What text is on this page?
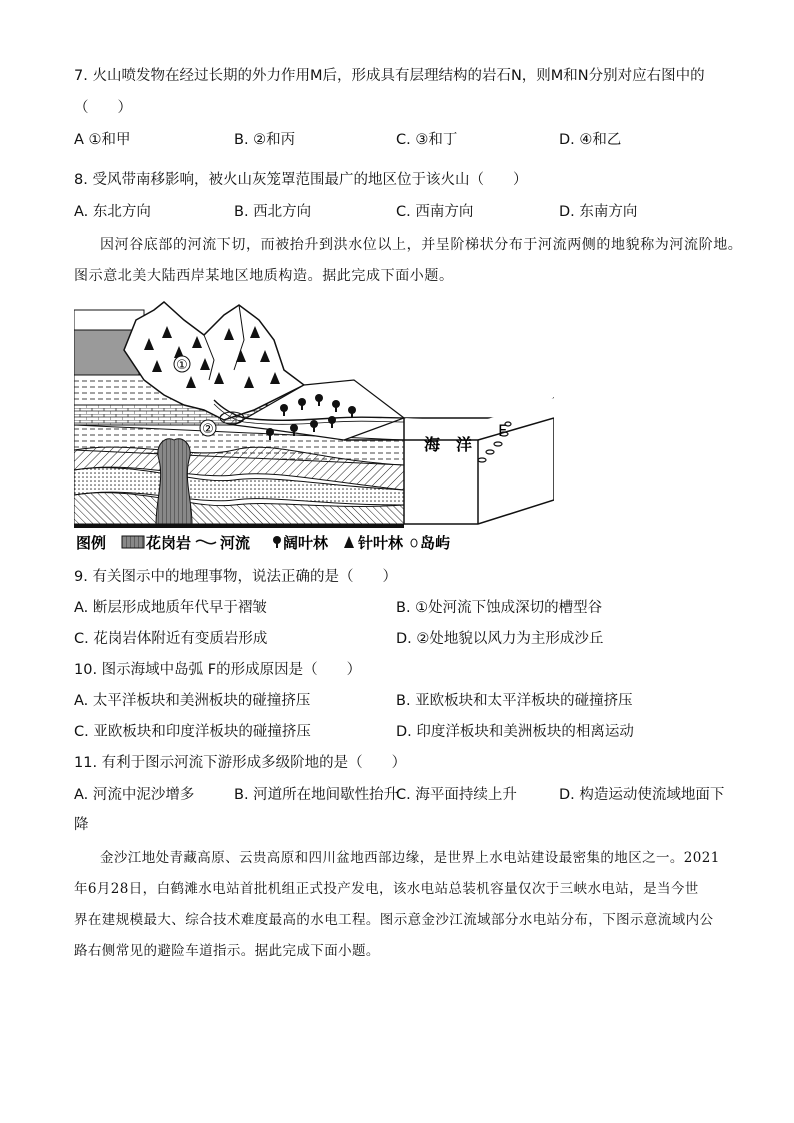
7. 火山喷发物在经过长期的外力作用M后，形成具有层理结构的岩石N，则M和N分别对应右图中的
（　　）
A ①和甲	B. ②和丙	C. ③和丁	D. ④和乙
8. 受风带南移影响，被火山灰笼罩范围最广的地区位于该火山（　　）
A. 东北方向	B. 西北方向	C. 西南方向	D. 东南方向
因河谷底部的河流下切，而被抬升到洪水位以上，并呈阶梯状分布于河流两侧的地貌称为河流阶地。
图示意北美大陆西岸某地区地质构造。据此完成下面小题。
①
②
海　洋
F
图例	花岗岩 河流 阔叶林 针叶林 岛屿
9. 有关图示中的地理事物，说法正确的是（　　）
A. 断层形成地质年代早于褶皱	B. ①处河流下蚀成深切的槽型谷
C. 花岗岩体附近有变质岩形成	D. ②处地貌以风力为主形成沙丘
10. 图示海域中岛弧 F的形成原因是（　　）
A. 太平洋板块和美洲板块的碰撞挤压	B. 亚欧板块和太平洋板块的碰撞挤压
C. 亚欧板块和印度洋板块的碰撞挤压	D. 印度洋板块和美洲板块的相离运动
11. 有利于图示河流下游形成多级阶地的是（　　）
A. 河流中泥沙增多	B. 河道所在地间歇性抬升
C. 海平面持续上升	D. 构造运动使流域地面下
降
金沙江地处青藏高原、云贵高原和四川盆地西部边缘，是世界上水电站建设最密集的地区之一。2021
年6月28日，白鹤滩水电站首批机组正式投产发电，该水电站总装机容量仅次于三峡水电站，是当今世
界在建规模最大、综合技术难度最高的水电工程。图示意金沙江流域部分水电站分布，下图示意流域内公
路右侧常见的避险车道指示。据此完成下面小题。
